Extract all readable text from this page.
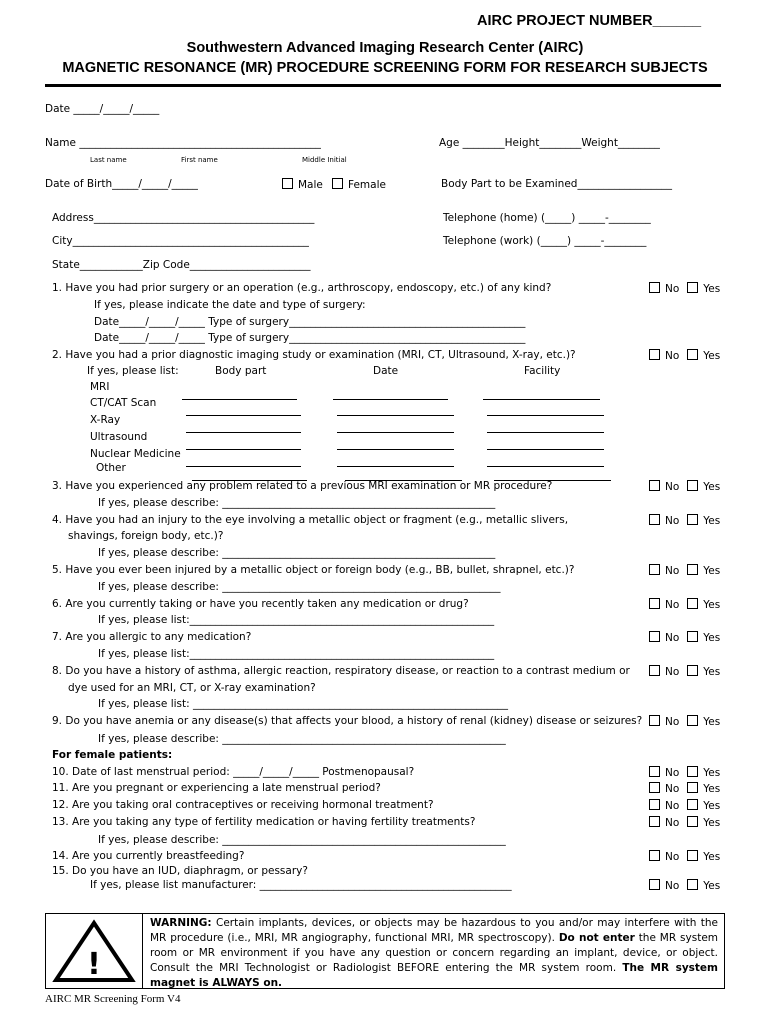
AIRC PROJECT NUMBER______
Southwestern Advanced Imaging Research Center (AIRC)
MAGNETIC RESONANCE (MR) PROCEDURE SCREENING FORM FOR RESEARCH SUBJECTS
Date _____/_____/_____
Name ______________________________________________	Age ________Height________Weight________
Last name	First name	Middle Initial
Date of Birth_____/_____/_____	Male	Female	Body Part to be Examined__________________
Address__________________________________________	Telephone (home) (_____) _____-________
City_____________________________________________	Telephone (work) (_____) _____-________
State____________Zip Code_______________________
1. Have you had prior surgery or an operation (e.g., arthroscopy, endoscopy, etc.) of any kind?	No Yes
If yes, please indicate the date and type of surgery:
Date_____/_____/_____ Type of surgery_____________________________________________
Date_____/_____/_____ Type of surgery_____________________________________________
2. Have you had a prior diagnostic imaging study or examination (MRI, CT, Ultrasound, X-ray, etc.)?	No Yes
If yes, please list:	Body part	Date	Facility
MRI
CT/CAT Scan
X-Ray
Ultrasound
Nuclear Medicine
Other
3. Have you experienced any problem related to a previous MRI examination or MR procedure?	No Yes
If yes, please describe: ____________________________________________________
4. Have you had an injury to the eye involving a metallic object or fragment (e.g., metallic slivers,	No Yes
shavings, foreign body, etc.)?
If yes, please describe: ____________________________________________________
5. Have you ever been injured by a metallic object or foreign body (e.g., BB, bullet, shrapnel, etc.)?	No Yes
If yes, please describe: _____________________________________________________
6. Are you currently taking or have you recently taken any medication or drug?	No Yes
If yes, please list:__________________________________________________________
7. Are you allergic to any medication?	No Yes
If yes, please list:__________________________________________________________
8. Do you have a history of asthma, allergic reaction, respiratory disease, or reaction to a contrast medium or	No Yes
dye used for an MRI, CT, or X-ray examination?
If yes, please list: ____________________________________________________________
9. Do you have anemia or any disease(s) that affects your blood, a history of renal (kidney) disease or seizures?	No Yes
If yes, please describe: ______________________________________________________
For female patients:
10. Date of last menstrual period: _____/_____/_____ Postmenopausal?	No Yes
11. Are you pregnant or experiencing a late menstrual period?	No Yes
12. Are you taking oral contraceptives or receiving hormonal treatment?	No Yes
13. Are you taking any type of fertility medication or having fertility treatments?	No Yes
If yes, please describe: ______________________________________________________
14. Are you currently breastfeeding?	No Yes
15. Do you have an IUD, diaphragm, or pessary?
If yes, please list manufacturer: ________________________________________________	No Yes
!
WARNING: Certain implants, devices, or objects may be hazardous to you and/or may interfere with the MR procedure (i.e., MRI, MR angiography, functional MRI, MR spectroscopy). Do not enter the MR system room or MR environment if you have any question or concern regarding an implant, device, or object. Consult the MRI Technologist or Radiologist BEFORE entering the MR system room. The MR system magnet is ALWAYS on.
AIRC MR Screening Form V4
